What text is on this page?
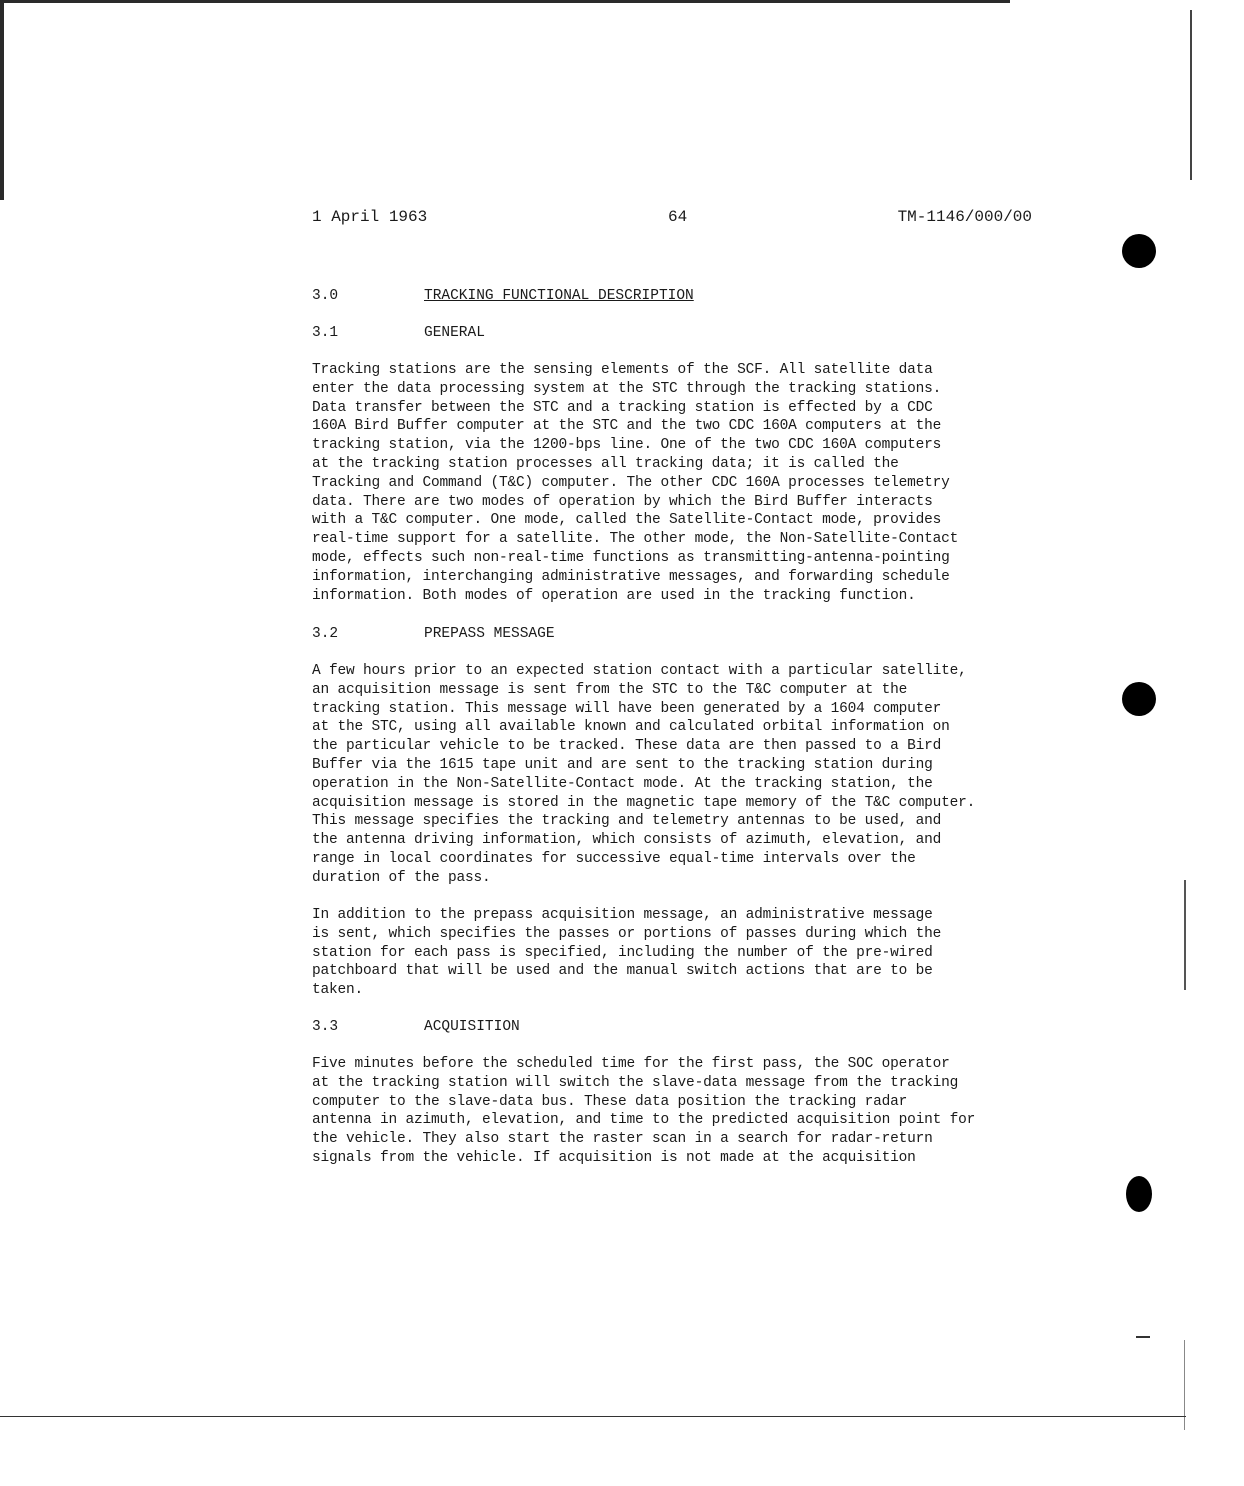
1 April 1963	64	TM-1146/000/00
3.0	TRACKING FUNCTIONAL DESCRIPTION
3.1	GENERAL
Tracking stations are the sensing elements of the SCF. All satellite data
enter the data processing system at the STC through the tracking stations.
Data transfer between the STC and a tracking station is effected by a CDC
160A Bird Buffer computer at the STC and the two CDC 160A computers at the
tracking station, via the 1200-bps line. One of the two CDC 160A computers
at the tracking station processes all tracking data; it is called the
Tracking and Command (T&C) computer. The other CDC 160A processes telemetry
data. There are two modes of operation by which the Bird Buffer interacts
with a T&C computer. One mode, called the Satellite-Contact mode, provides
real-time support for a satellite. The other mode, the Non-Satellite-Contact
mode, effects such non-real-time functions as transmitting-antenna-pointing
information, interchanging administrative messages, and forwarding schedule
information. Both modes of operation are used in the tracking function.
3.2	PREPASS MESSAGE
A few hours prior to an expected station contact with a particular satellite,
an acquisition message is sent from the STC to the T&C computer at the
tracking station. This message will have been generated by a 1604 computer
at the STC, using all available known and calculated orbital information on
the particular vehicle to be tracked. These data are then passed to a Bird
Buffer via the 1615 tape unit and are sent to the tracking station during
operation in the Non-Satellite-Contact mode. At the tracking station, the
acquisition message is stored in the magnetic tape memory of the T&C computer.
This message specifies the tracking and telemetry antennas to be used, and
the antenna driving information, which consists of azimuth, elevation, and
range in local coordinates for successive equal-time intervals over the
duration of the pass.
In addition to the prepass acquisition message, an administrative message
is sent, which specifies the passes or portions of passes during which the
station for each pass is specified, including the number of the pre-wired
patchboard that will be used and the manual switch actions that are to be
taken.
3.3	ACQUISITION
Five minutes before the scheduled time for the first pass, the SOC operator
at the tracking station will switch the slave-data message from the tracking
computer to the slave-data bus. These data position the tracking radar
antenna in azimuth, elevation, and time to the predicted acquisition point for
the vehicle. They also start the raster scan in a search for radar-return
signals from the vehicle. If acquisition is not made at the acquisition
